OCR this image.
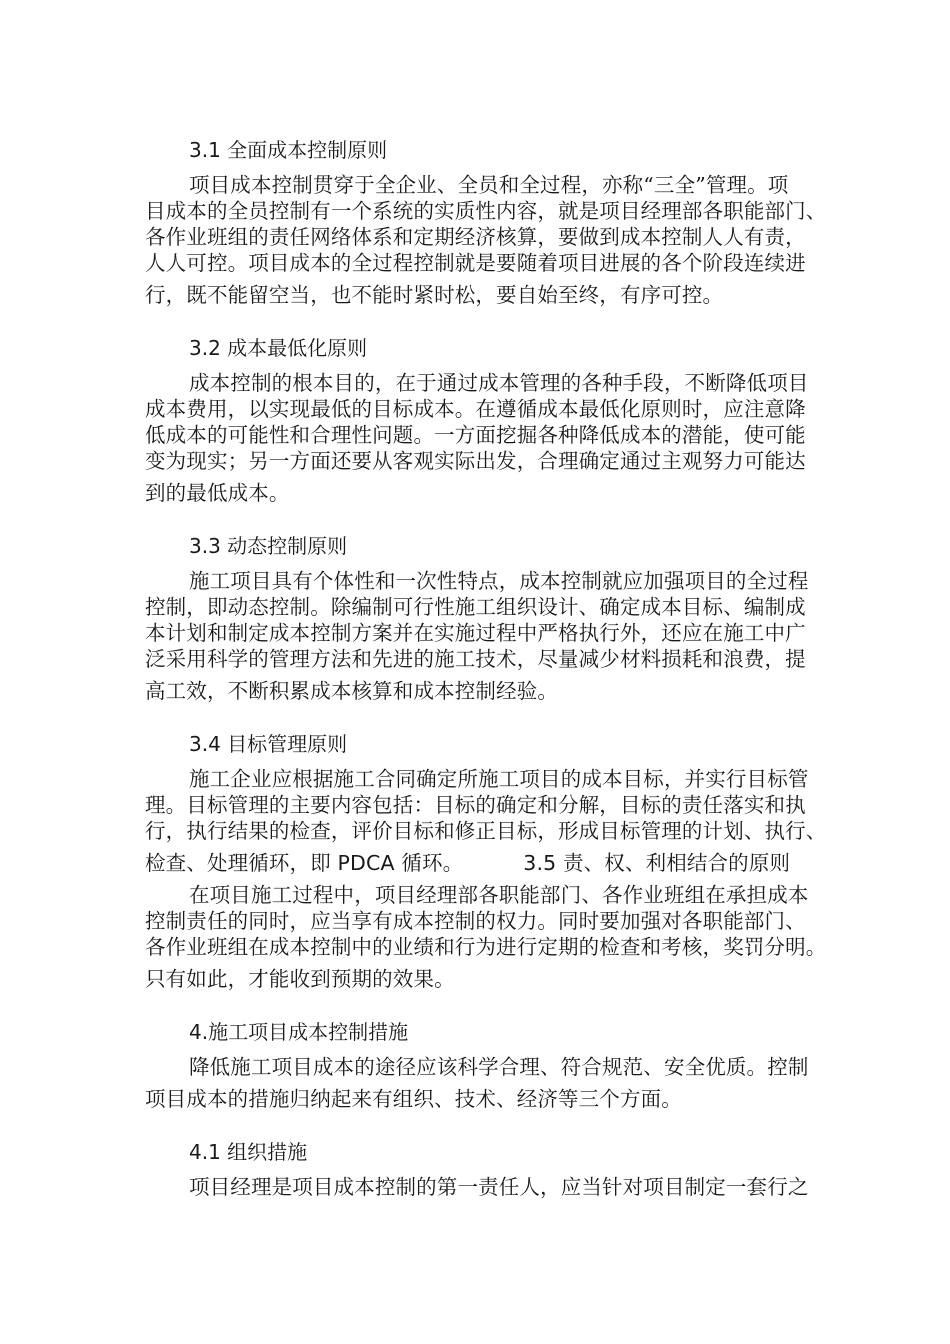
3.1 全面成本控制原则
项目成本控制贯穿于全企业、全员和全过程，亦称“三全”管理。项
目成本的全员控制有一个系统的实质性内容，就是项目经理部各职能部门、
各作业班组的责任网络体系和定期经济核算，要做到成本控制人人有责，
人人可控。项目成本的全过程控制就是要随着项目进展的各个阶段连续进
行，既不能留空当，也不能时紧时松，要自始至终，有序可控。
3.2 成本最低化原则
成本控制的根本目的，在于通过成本管理的各种手段，不断降低项目
成本费用，以实现最低的目标成本。在遵循成本最低化原则时，应注意降
低成本的可能性和合理性问题。一方面挖掘各种降低成本的潜能，使可能
变为现实；另一方面还要从客观实际出发，合理确定通过主观努力可能达
到的最低成本。
3.3 动态控制原则
施工项目具有个体性和一次性特点，成本控制就应加强项目的全过程
控制，即动态控制。除编制可行性施工组织设计、确定成本目标、编制成
本计划和制定成本控制方案并在实施过程中严格执行外，还应在施工中广
泛采用科学的管理方法和先进的施工技术，尽量减少材料损耗和浪费，提
高工效，不断积累成本核算和成本控制经验。
3.4 目标管理原则
施工企业应根据施工合同确定所施工项目的成本目标，并实行目标管
理。目标管理的主要内容包括：目标的确定和分解，目标的责任落实和执
行，执行结果的检查，评价目标和修正目标，形成目标管理的计划、执行、
检查、处理循环，即 PDCA 循环。	3.5 责、权、利相结合的原则
在项目施工过程中，项目经理部各职能部门、各作业班组在承担成本
控制责任的同时，应当享有成本控制的权力。同时要加强对各职能部门、
各作业班组在成本控制中的业绩和行为进行定期的检查和考核，奖罚分明。
只有如此，才能收到预期的效果。
4.施工项目成本控制措施
降低施工项目成本的途径应该科学合理、符合规范、安全优质。控制
项目成本的措施归纳起来有组织、技术、经济等三个方面。
4.1 组织措施
项目经理是项目成本控制的第一责任人，应当针对项目制定一套行之
